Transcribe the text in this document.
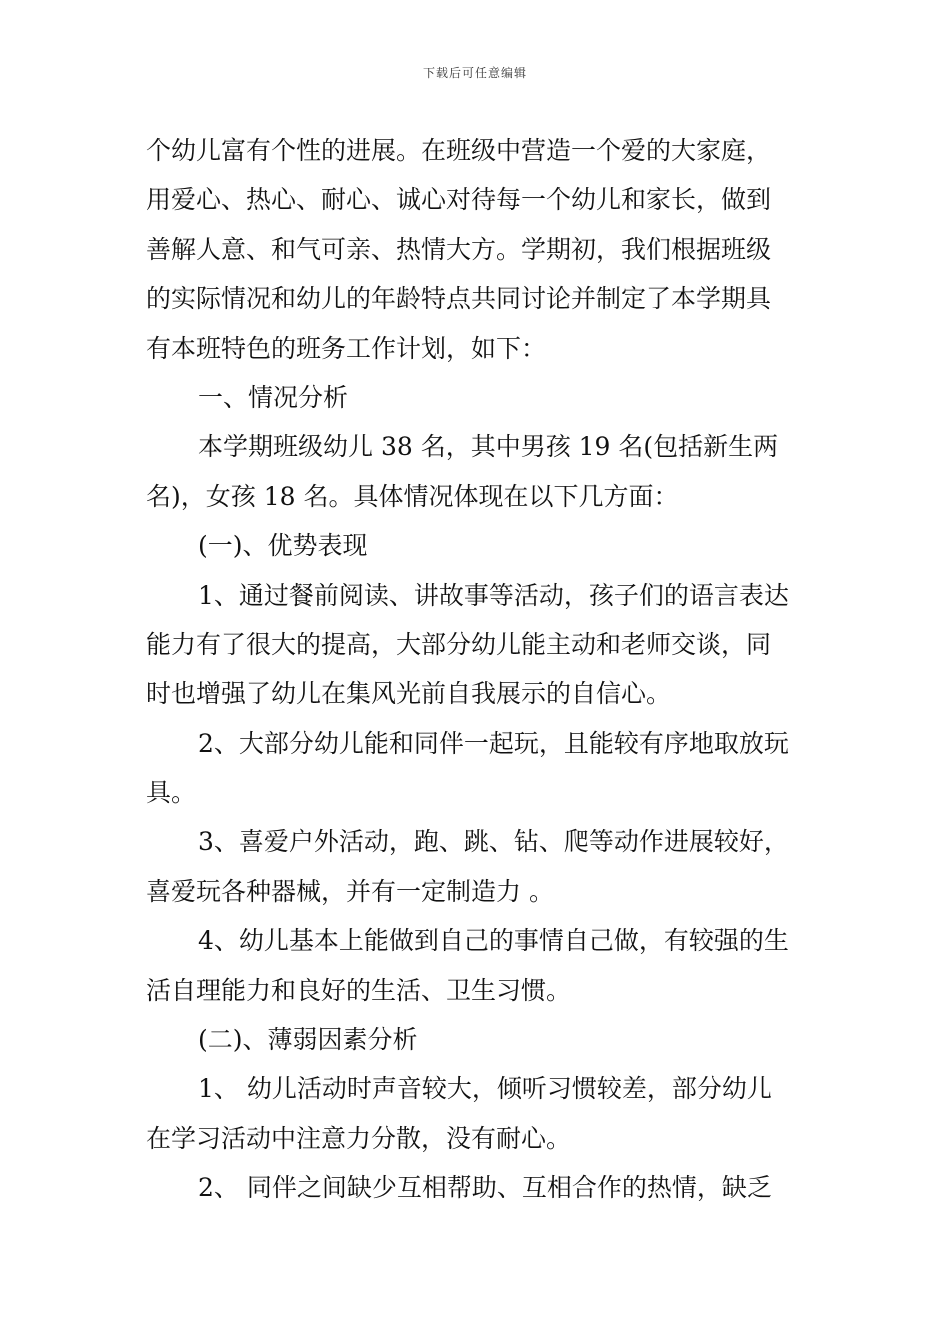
下载后可任意编辑
个幼儿富有个性的进展。在班级中营造一个爱的大家庭，
用爱心、热心、耐心、诚心对待每一个幼儿和家长，做到
善解人意、和气可亲、热情大方。学期初，我们根据班级
的实际情况和幼儿的年龄特点共同讨论并制定了本学期具
有本班特色的班务工作计划，如下：
一、情况分析
本学期班级幼儿 38 名，其中男孩 19 名(包括新生两
名)，女孩 18 名。具体情况体现在以下几方面：
(一)、优势表现
1、通过餐前阅读、讲故事等活动，孩子们的语言表达
能力有了很大的提高，大部分幼儿能主动和老师交谈，同
时也增强了幼儿在集风光前自我展示的自信心。
2、大部分幼儿能和同伴一起玩，且能较有序地取放玩
具。
3、喜爱户外活动，跑、跳、钻、爬等动作进展较好，
喜爱玩各种器械，并有一定制造力 。
4、幼儿基本上能做到自己的事情自己做，有较强的生
活自理能力和良好的生活、卫生习惯。
(二)、薄弱因素分析
1、 幼儿活动时声音较大，倾听习惯较差，部分幼儿
在学习活动中注意力分散，没有耐心。
2、 同伴之间缺少互相帮助、互相合作的热情，缺乏
